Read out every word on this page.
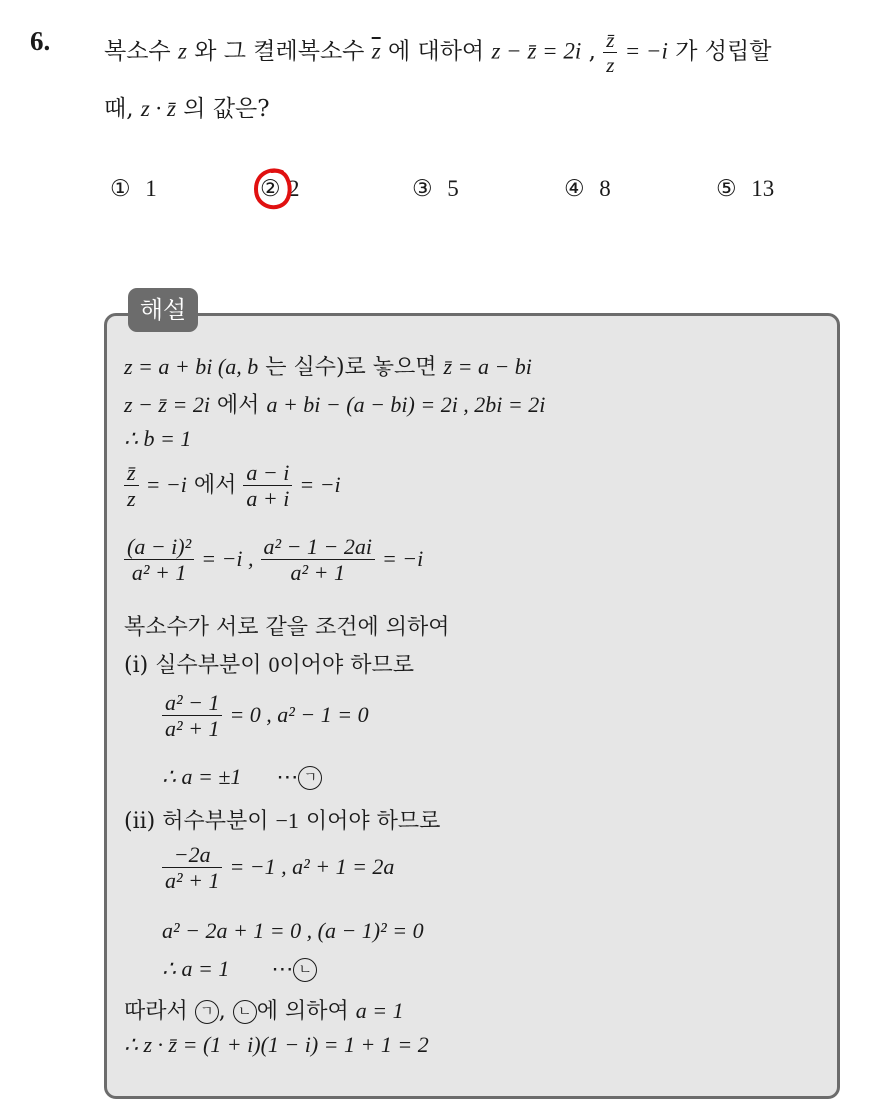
6. 복소수 z 와 그 켤레복소수 $\overline{z}$ 에 대하여 z − z̄ = 2i , $\frac{z̄}{z} = -i$ 가 성립할
때, z · z̄ 의 값은?
① 1	② 2	③ 5	④ 8	⑤ 13
해설
z = a + bi (a, b 는 실수)로 놓으면 z̄ = a − bi
z − z̄ = 2i 에서 a + bi − (a − bi) = 2i , 2bi = 2i
∴ b = 1
$\frac{z̄}{z} = -i$ 에서 $\frac{a - i}{a + i} = -i$
$\frac{\text{(a − i)²}}{\text{a² + 1}} = -i$ , $\frac{\text{a² − 1 − 2ai}}{\text{a² + 1}} = -i$
복소수가 서로 같을 조건에 의하여
(i) 실수부분이 0이어야 하므로
$\frac{\text{a² − 1}}{\text{a² + 1}} = 0$ , a² − 1 = 0
∴ a = ±1 ⋯ ㄱ
(ii) 허수부분이 −1 이어야 하므로
$\frac{-2a}{\text{a² + 1}} = -1$ , a² + 1 = 2a
a² − 2a + 1 = 0 , (a − 1)² = 0
∴ a = 1 ⋯ ㄴ
따라서 ㄱ , ㄴ 에 의하여 a = 1
∴ z · z̄ = (1 + i)(1 − i) = 1 + 1 = 2
